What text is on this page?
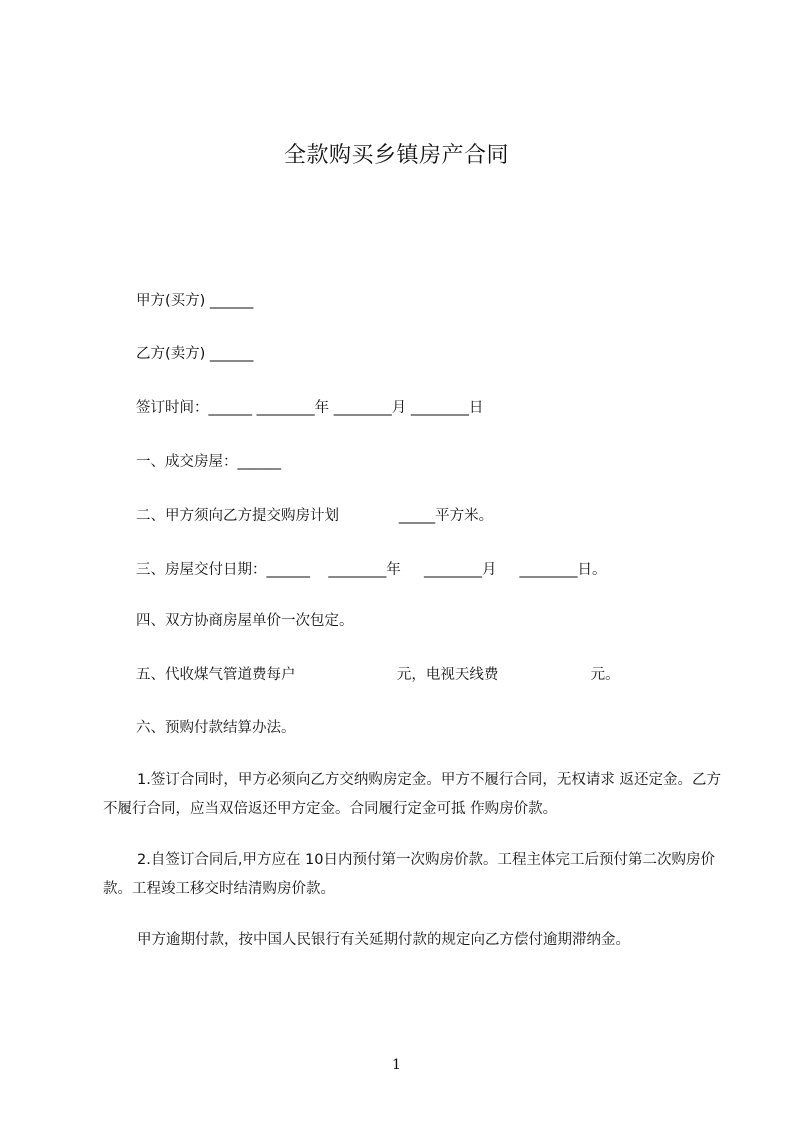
全款购买乡镇房产合同
甲方(买方) ______
乙方(卖方) ______
签订时间：______ ________年 ________月 ________日
一、成交房屋：______
二、甲方须向乙方提交购房计划             _____平方米。
三、房屋交付日期：______    ________年     ________月     ________日。
四、双方协商房屋单价一次包定。
五、代收煤气管道费每户                      元，电视天线费                    元。
六、预购付款结算办法。
1.签订合同时，甲方必须向乙方交纳购房定金。甲方不履行合同，无权请求 返还定金。乙方不履行合同，应当双倍返还甲方定金。合同履行定金可抵 作购房价款。
2.自签订合同后,甲方应在 10日内预付第一次购房价款。工程主体完工后预付第二次购房价款。工程竣工移交时结清购房价款。
甲方逾期付款，按中国人民银行有关延期付款的规定向乙方偿付逾期滞纳金。
1
